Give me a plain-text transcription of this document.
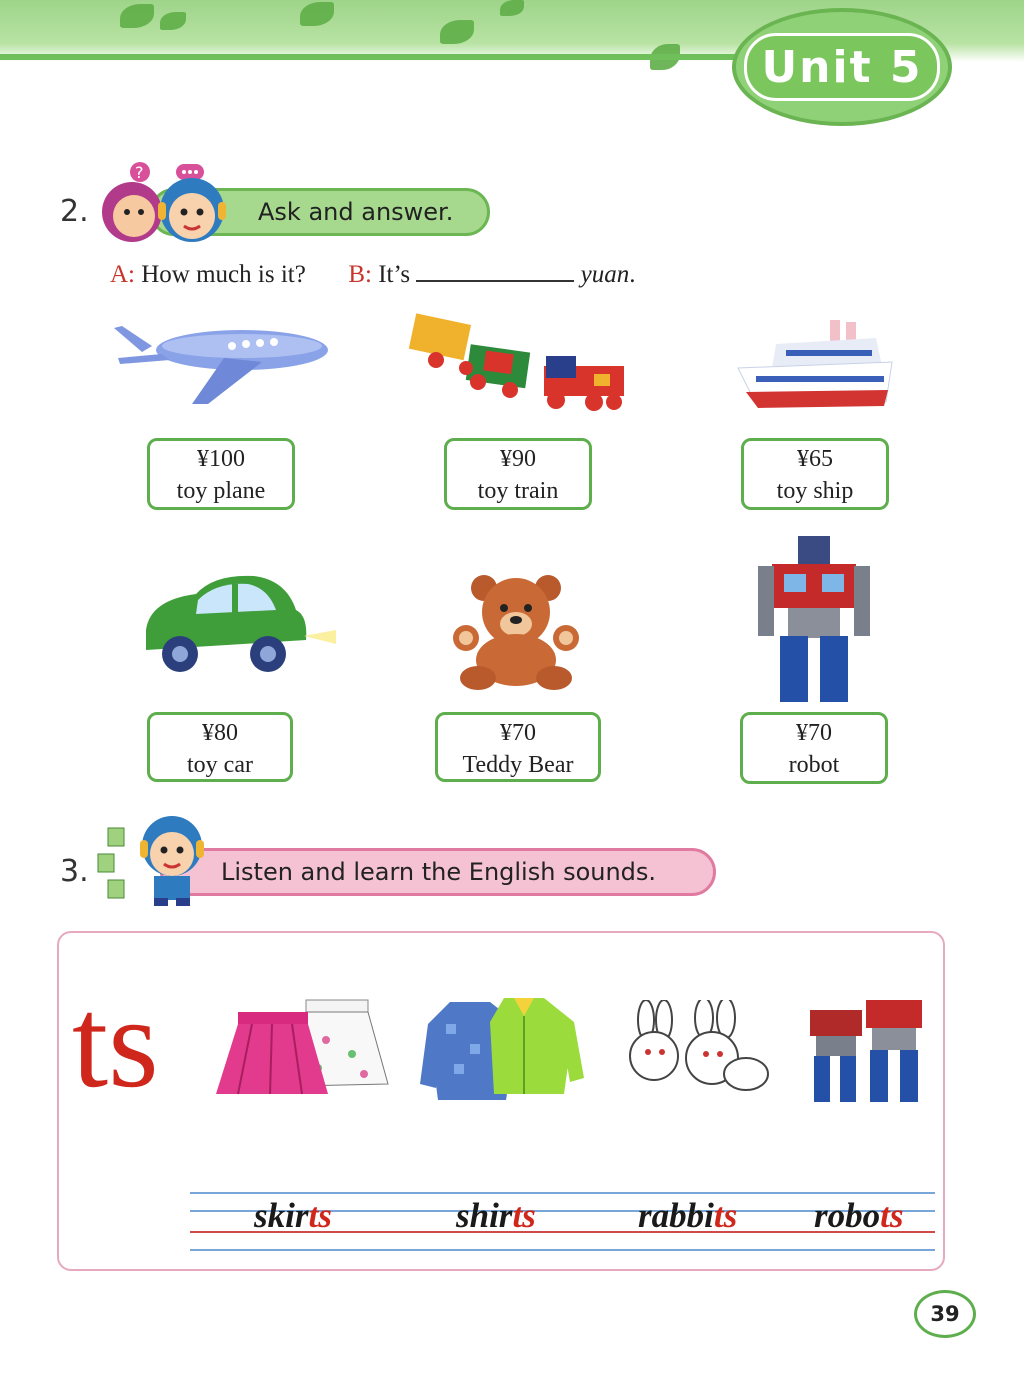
Unit 5
2.	Ask and answer.
?
A: How much is it? B: It’s	yuan.
¥100
toy plane
¥90
toy train
¥65
toy ship
¥80
toy car
¥70
Teddy Bear
¥70
robot
3.	Listen and learn the English sounds.
ts
skirts	shirts	rabbits robots
39
